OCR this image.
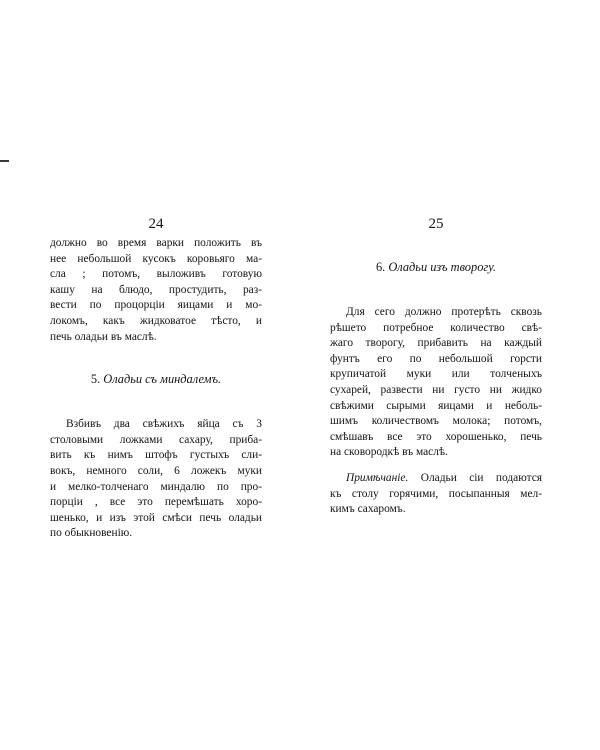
24
должно во время варки положить въ
нее небольшой кусокъ коровьяго ма-
сла ; потомъ, выложивъ готовую
кашу на блюдо, простудить, раз-
вести по процорціи яицами и мо-
локомъ, какъ жидковатое тѣсто, и
печь оладьи въ маслѣ.
5. Оладьи съ миндалемъ.
Взбивъ два свѣжихъ яйца съ 3
столовыми ложками сахару, приба-
вить къ нимъ штофъ густыхъ сли-
вокъ, немного соли, 6 ложекъ муки
и мелко-толченаго миндалю по про-
порціи , все это перемѣшать хоро-
шенько, и изъ этой смѣси печь оладьи
по обыкновенію.
25
6. Оладьи изъ творогу.
Для сего должно протерѣть сквозь
рѣшето потребное количество свѣ-
жаго творогу, прибавить на каждый
фунтъ его по небольшой горсти
крупичатой муки или толченыхъ
сухарей, развести ни густо ни жидко
свѣжими сырыми яицами и неболь-
шимъ количествомъ молока; потомъ,
смѣшавъ все это хорошенько, печь
на сковородкѣ въ маслѣ.
Примѣчаніе. Оладьи сіи подаются
къ столу горячими, посыпанныя мел-
кимъ сахаромъ.
